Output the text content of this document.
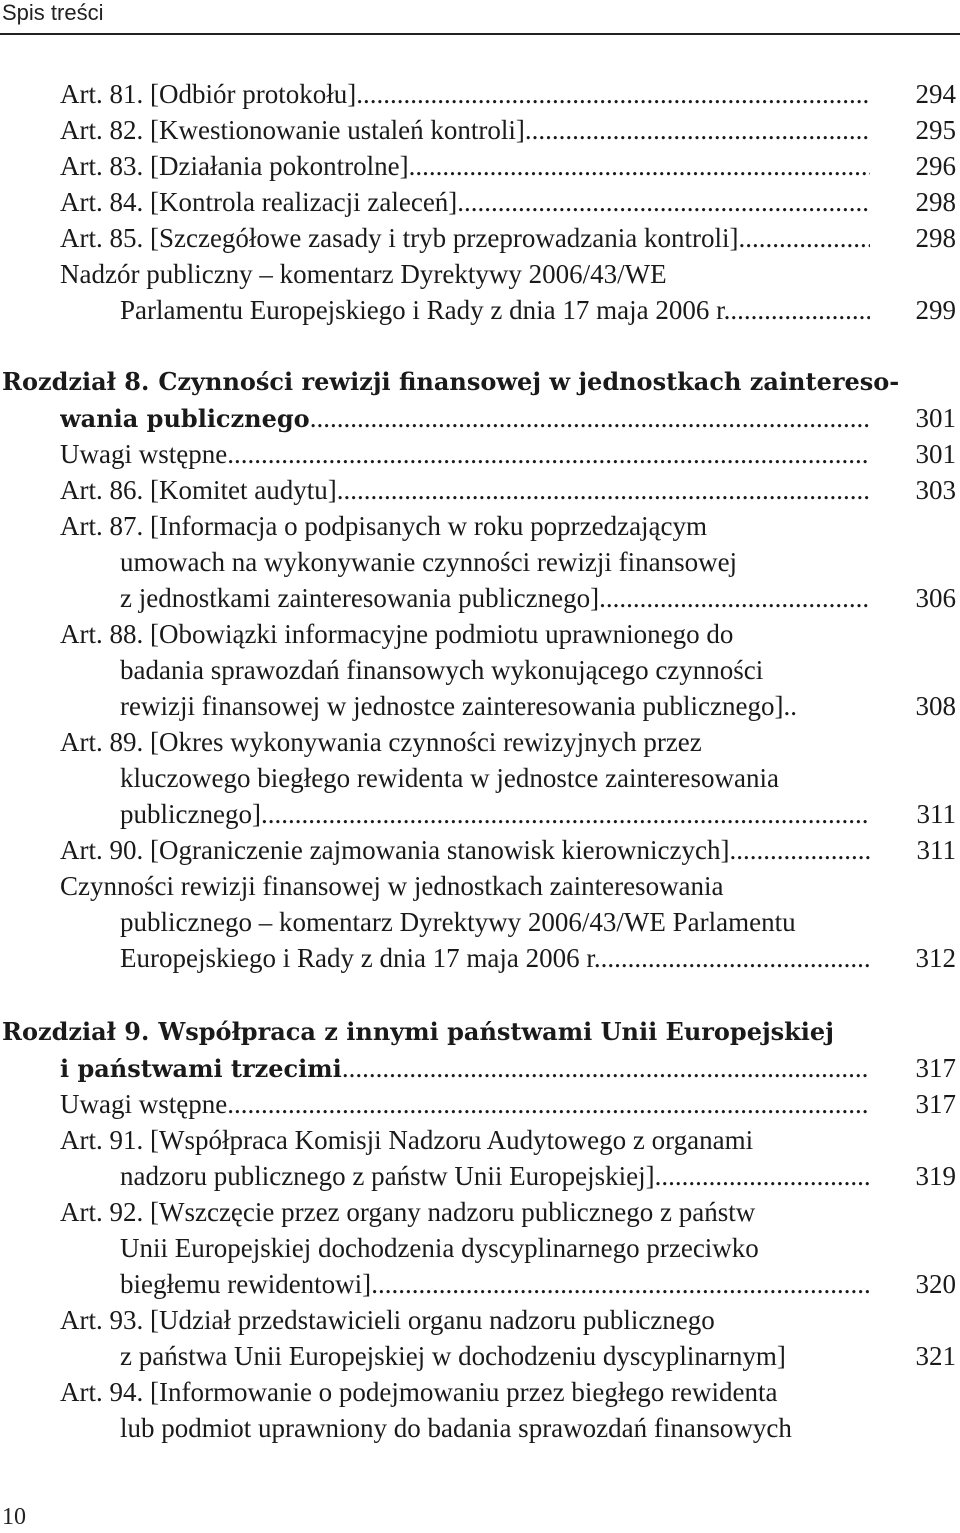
Spis treści
Art. 81. [Odbiór protokołu] .....	294
Art. 82. [Kwestionowanie ustaleń kontroli] .....	295
Art. 83. [Działania pokontrolne] .....	296
Art. 84. [Kontrola realizacji zaleceń] .....	298
Art. 85. [Szczegółowe zasady i tryb przeprowadzania kontroli] .....	298
Nadzór publiczny – komentarz Dyrektywy 2006/43/WE
Parlamentu Europejskiego i Rady z dnia 17 maja 2006 r. .....	299
Rozdział 8. Czynności rewizji finansowej w jednostkach zaintereso-
wania publicznego .....	301
Uwagi wstępne .....	301
Art. 86. [Komitet audytu] .....	303
Art. 87. [Informacja o podpisanych w roku poprzedzającym
umowach na wykonywanie czynności rewizji finansowej
z jednostkami zainteresowania publicznego] .....	306
Art. 88. [Obowiązki informacyjne podmiotu uprawnionego do
badania sprawozdań finansowych wykonującego czynności
rewizji finansowej w jednostce zainteresowania publicznego]..	308
Art. 89. [Okres wykonywania czynności rewizyjnych przez
kluczowego biegłego rewidenta w jednostce zainteresowania
publicznego] .....	311
Art. 90. [Ograniczenie zajmowania stanowisk kierowniczych] .....	311
Czynności rewizji finansowej w jednostkach zainteresowania
publicznego – komentarz Dyrektywy 2006/43/WE Parlamentu
Europejskiego i Rady z dnia 17 maja 2006 r. .....	312
Rozdział 9. Współpraca z innymi państwami Unii Europejskiej
i państwami trzecimi .....	317
Uwagi wstępne .....	317
Art. 91. [Współpraca Komisji Nadzoru Audytowego z organami
nadzoru publicznego z państw Unii Europejskiej] .....	319
Art. 92. [Wszczęcie przez organy nadzoru publicznego z państw
Unii Europejskiej dochodzenia dyscyplinarnego przeciwko
biegłemu rewidentowi] .....	320
Art. 93. [Udział przedstawicieli organu nadzoru publicznego
z państwa Unii Europejskiej w dochodzeniu dyscyplinarnym]	321
Art. 94. [Informowanie o podejmowaniu przez biegłego rewidenta
lub podmiot uprawniony do badania sprawozdań finansowych
10
